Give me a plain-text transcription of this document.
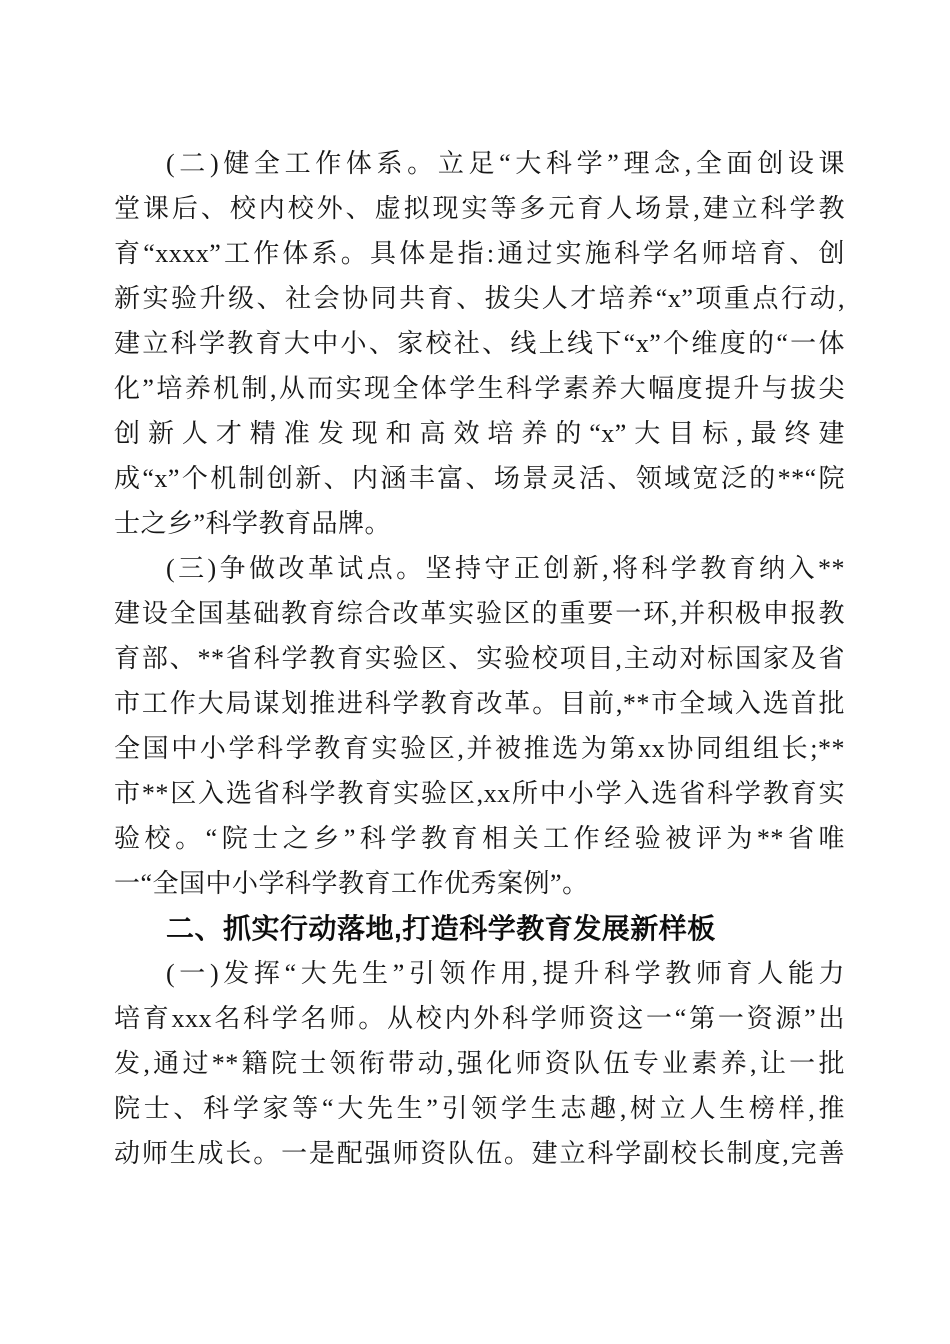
(二)健全工作体系。立足“大科学”理念,全面创设课
堂课后、校内校外、虚拟现实等多元育人场景,建立科学教
育“xxxx”工作体系。具体是指:通过实施科学名师培育、创
新实验升级、社会协同共育、拔尖人才培养“x”项重点行动,
建立科学教育大中小、家校社、线上线下“x”个维度的“一体
化”培养机制,从而实现全体学生科学素养大幅度提升与拔尖
创新人才精准发现和高效培养的“x”大目标,最终建
成“x”个机制创新、内涵丰富、场景灵活、领域宽泛的**“院
士之乡”科学教育品牌。
(三)争做改革试点。坚持守正创新,将科学教育纳入**
建设全国基础教育综合改革实验区的重要一环,并积极申报教
育部、**省科学教育实验区、实验校项目,主动对标国家及省
市工作大局谋划推进科学教育改革。目前,**市全域入选首批
全国中小学科学教育实验区,并被推选为第xx协同组组长;**
市**区入选省科学教育实验区,xx所中小学入选省科学教育实
验校。“院士之乡”科学教育相关工作经验被评为**省唯
一“全国中小学科学教育工作优秀案例”。
二、抓实行动落地,打造科学教育发展新样板
(一)发挥“大先生”引领作用,提升科学教师育人能力
培育xxx名科学名师。从校内外科学师资这一“第一资源”出
发,通过**籍院士领衔带动,强化师资队伍专业素养,让一批
院士、科学家等“大先生”引领学生志趣,树立人生榜样,推
动师生成长。一是配强师资队伍。建立科学副校长制度,完善
